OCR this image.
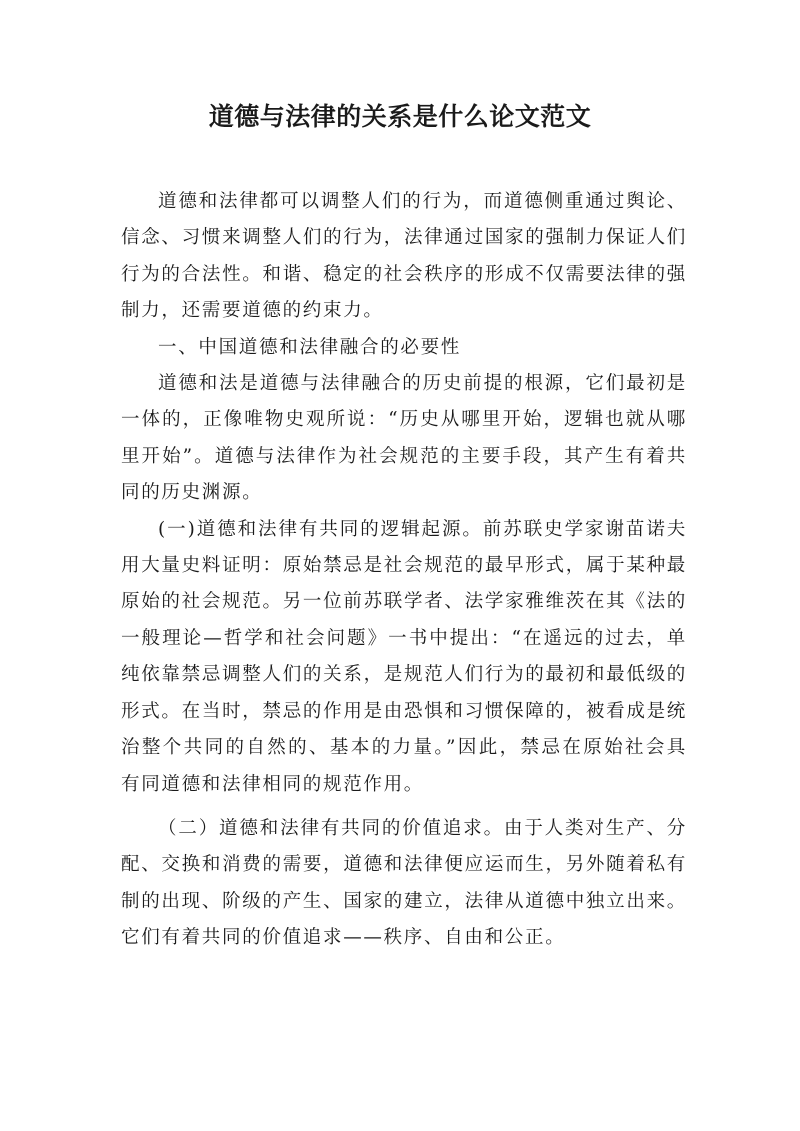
道德与法律的关系是什么论文范文

道德和法律都可以调整人们的行为，而道德侧重通过舆论、信念、习惯来调整人们的行为，法律通过国家的强制力保证人们行为的合法性。和谐、稳定的社会秩序的形成不仅需要法律的强制力，还需要道德的约束力。

一、中国道德和法律融合的必要性

道德和法是道德与法律融合的历史前提的根源，它们最初是一体的，正像唯物史观所说：“历史从哪里开始，逻辑也就从哪里开始”。道德与法律作为社会规范的主要手段，其产生有着共同的历史渊源。

(一)道德和法律有共同的逻辑起源。前苏联史学家谢苗诺夫用大量史料证明：原始禁忌是社会规范的最早形式，属于某种最原始的社会规范。另一位前苏联学者、法学家雅维茨在其《法的一般理论—哲学和社会问题》一书中提出：“在遥远的过去，单纯依靠禁忌调整人们的关系，是规范人们行为的最初和最低级的形式。在当时，禁忌的作用是由恐惧和习惯保障的，被看成是统治整个共同的自然的、基本的力量。”因此，禁忌在原始社会具有同道德和法律相同的规范作用。

（二）道德和法律有共同的价值追求。由于人类对生产、分配、交换和消费的需要，道德和法律便应运而生，另外随着私有制的出现、阶级的产生、国家的建立，法律从道德中独立出来。它们有着共同的价值追求——秩序、自由和公正。
